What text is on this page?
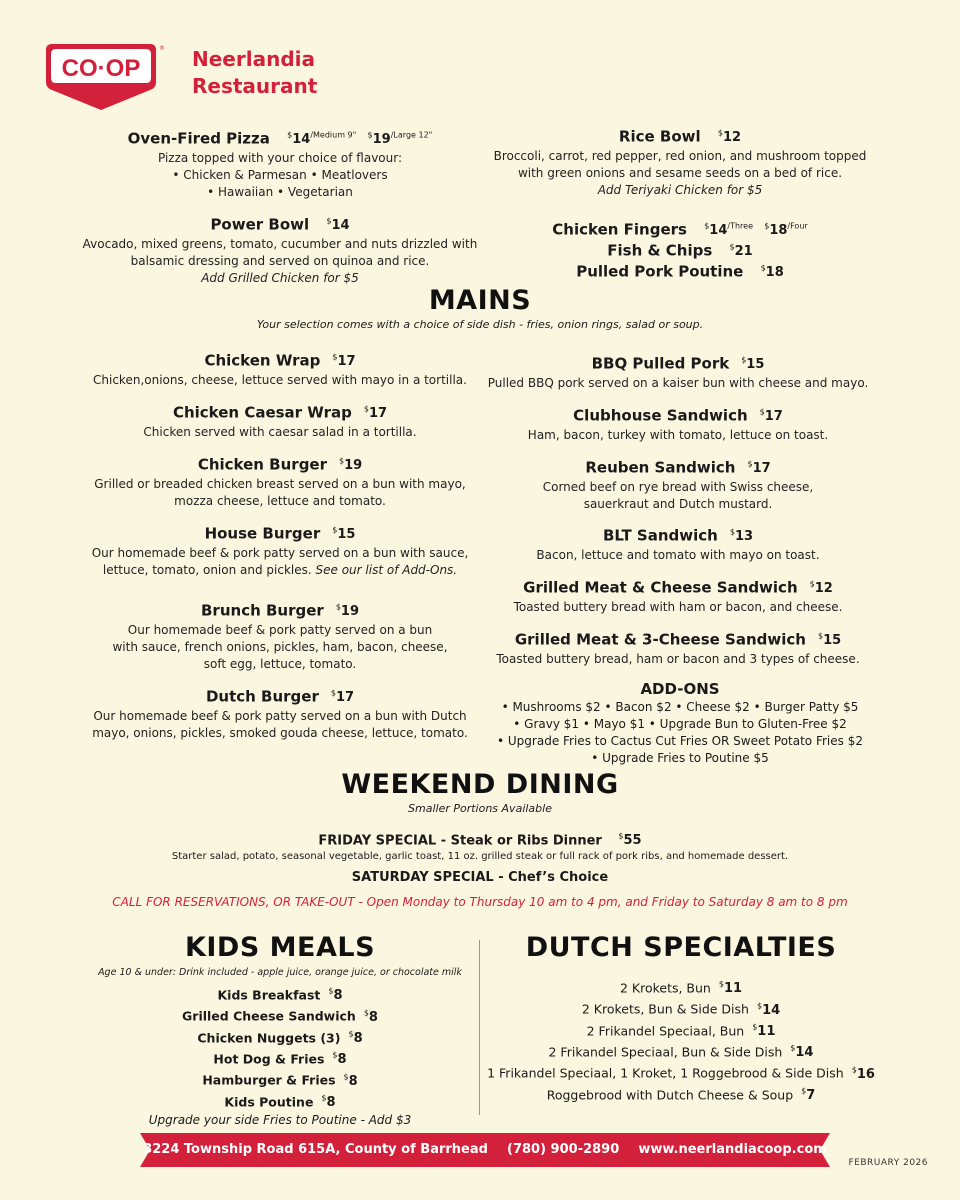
CO·OP
® Neerlandia
Restaurant
Oven-Fired Pizza $14$^{/Medium 9"}$ $19$^{/Large 12"}$
Pizza topped with your choice of flavour:
• Chicken & Parmesan • Meatlovers
• Hawaiian • Vegetarian
Power Bowl $14
Avocado, mixed greens, tomato, cucumber and nuts drizzled with
balsamic dressing and served on quinoa and rice.
Add Grilled Chicken for $5
Rice Bowl $12
Broccoli, carrot, red pepper, red onion, and mushroom topped
with green onions and sesame seeds on a bed of rice.
Add Teriyaki Chicken for $5
Chicken Fingers $14$^{/Three}$ $18$^{/Four}$
Fish & Chips $21
Pulled Pork Poutine $18
MAINS
Your selection comes with a choice of side dish - fries, onion rings, salad or soup.
Chicken Wrap $17
Chicken,onions, cheese, lettuce served with mayo in a tortilla.
Chicken Caesar Wrap $17
Chicken served with caesar salad in a tortilla.
Chicken Burger $19
Grilled or breaded chicken breast served on a bun with mayo,
mozza cheese, lettuce and tomato.
House Burger $15
Our homemade beef & pork patty served on a bun with sauce,
lettuce, tomato, onion and pickles. See our list of Add-Ons.
Brunch Burger $19
Our homemade beef & pork patty served on a bun
with sauce, french onions, pickles, ham, bacon, cheese,
soft egg, lettuce, tomato.
Dutch Burger $17
Our homemade beef & pork patty served on a bun with Dutch
mayo, onions, pickles, smoked gouda cheese, lettuce, tomato.
BBQ Pulled Pork $15
Pulled BBQ pork served on a kaiser bun with cheese and mayo.
Clubhouse Sandwich $17
Ham, bacon, turkey with tomato, lettuce on toast.
Reuben Sandwich $17
Corned beef on rye bread with Swiss cheese,
sauerkraut and Dutch mustard.
BLT Sandwich $13
Bacon, lettuce and tomato with mayo on toast.
Grilled Meat & Cheese Sandwich $12
Toasted buttery bread with ham or bacon, and cheese.
Grilled Meat & 3-Cheese Sandwich $15
Toasted buttery bread, ham or bacon and 3 types of cheese.
ADD-ONS
• Mushrooms $2 • Bacon $2 • Cheese $2 • Burger Patty $5
• Gravy $1 • Mayo $1 • Upgrade Bun to Gluten-Free $2
• Upgrade Fries to Cactus Cut Fries OR Sweet Potato Fries $2
• Upgrade Fries to Poutine $5
WEEKEND DINING
Smaller Portions Available
FRIDAY SPECIAL - Steak or Ribs Dinner $55
Starter salad, potato, seasonal vegetable, garlic toast, 11 oz. grilled steak or full rack of pork ribs, and homemade dessert.
SATURDAY SPECIAL - Chef’s Choice
CALL FOR RESERVATIONS, OR TAKE-OUT - Open Monday to Thursday 10 am to 4 pm, and Friday to Saturday 8 am to 8 pm
KIDS MEALS
Age 10 & under: Drink included - apple juice, orange juice, or chocolate milk
Kids Breakfast $8
Grilled Cheese Sandwich $8
Chicken Nuggets (3) $8
Hot Dog & Fries $8
Hamburger & Fries $8
Kids Poutine $8
Upgrade your side Fries to Poutine - Add $3
DUTCH SPECIALTIES
2 Krokets, Bun $11
2 Krokets, Bun & Side Dish $14
2 Frikandel Speciaal, Bun $11
2 Frikandel Speciaal, Bun & Side Dish $14
1 Frikandel Speciaal, 1 Kroket, 1 Roggebrood & Side Dish $16
Roggebrood with Dutch Cheese & Soup $7
3224 Township Road 615A, County of Barrhead (780) 900-2890 www.neerlandiacoop.com
FEBRUARY 2026
